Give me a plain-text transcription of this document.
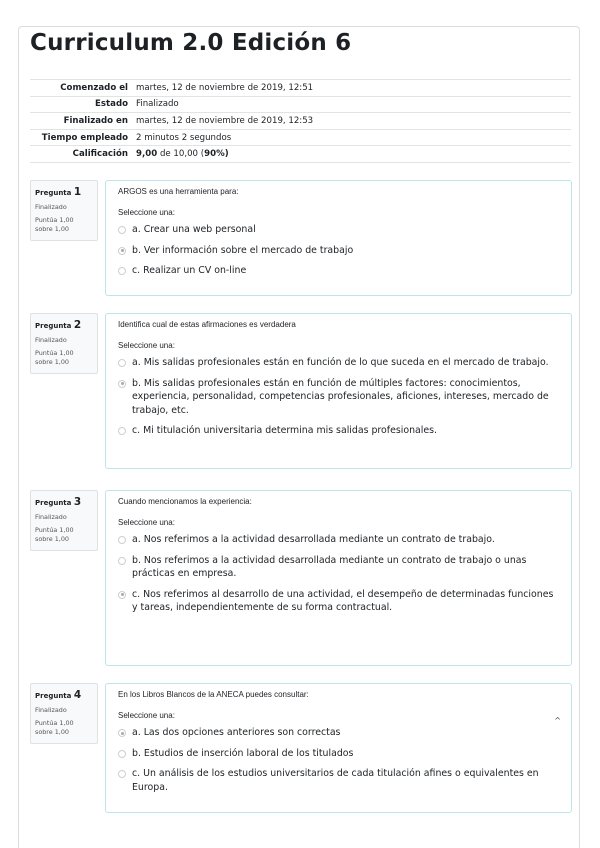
Curriculum 2.0 Edición 6
Comenzado el	martes, 12 de noviembre de 2019, 12:51
Estado	Finalizado
Finalizado en	martes, 12 de noviembre de 2019, 12:53
Tiempo empleado	2 minutos 2 segundos
Calificación	9,00 de 10,00 (90%)
Pregunta 1
Finalizado
Puntúa 1,00
sobre 1,00
ARGOS es una herramienta para:
Seleccione una:
a. Crear una web personal
b. Ver información sobre el mercado de trabajo
c. Realizar un CV on-line
Pregunta 2
Finalizado
Puntúa 1,00
sobre 1,00
Identifica cual de estas afirmaciones es verdadera
Seleccione una:
a. Mis salidas profesionales están en función de lo que suceda en el mercado de trabajo.
b. Mis salidas profesionales están en función de múltiples factores: conocimientos, experiencia, personalidad, competencias profesionales, aficiones, intereses, mercado de trabajo, etc.
c. Mi titulación universitaria determina mis salidas profesionales.
Pregunta 3
Finalizado
Puntúa 1,00
sobre 1,00
Cuando mencionamos la experiencia:
Seleccione una:
a. Nos referimos a la actividad desarrollada mediante un contrato de trabajo.
b. Nos referimos a la actividad desarrollada mediante un contrato de trabajo o unas prácticas en empresa.
c. Nos referimos al desarrollo de una actividad, el desempeño de determinadas funciones y tareas, independientemente de su forma contractual.
Pregunta 4
Finalizado
Puntúa 1,00
sobre 1,00
^
En los Libros Blancos de la ANECA puedes consultar:
Seleccione una:
a. Las dos opciones anteriores son correctas
b. Estudios de inserción laboral de los titulados
c. Un análisis de los estudios universitarios de cada titulación afines o equivalentes en Europa.
